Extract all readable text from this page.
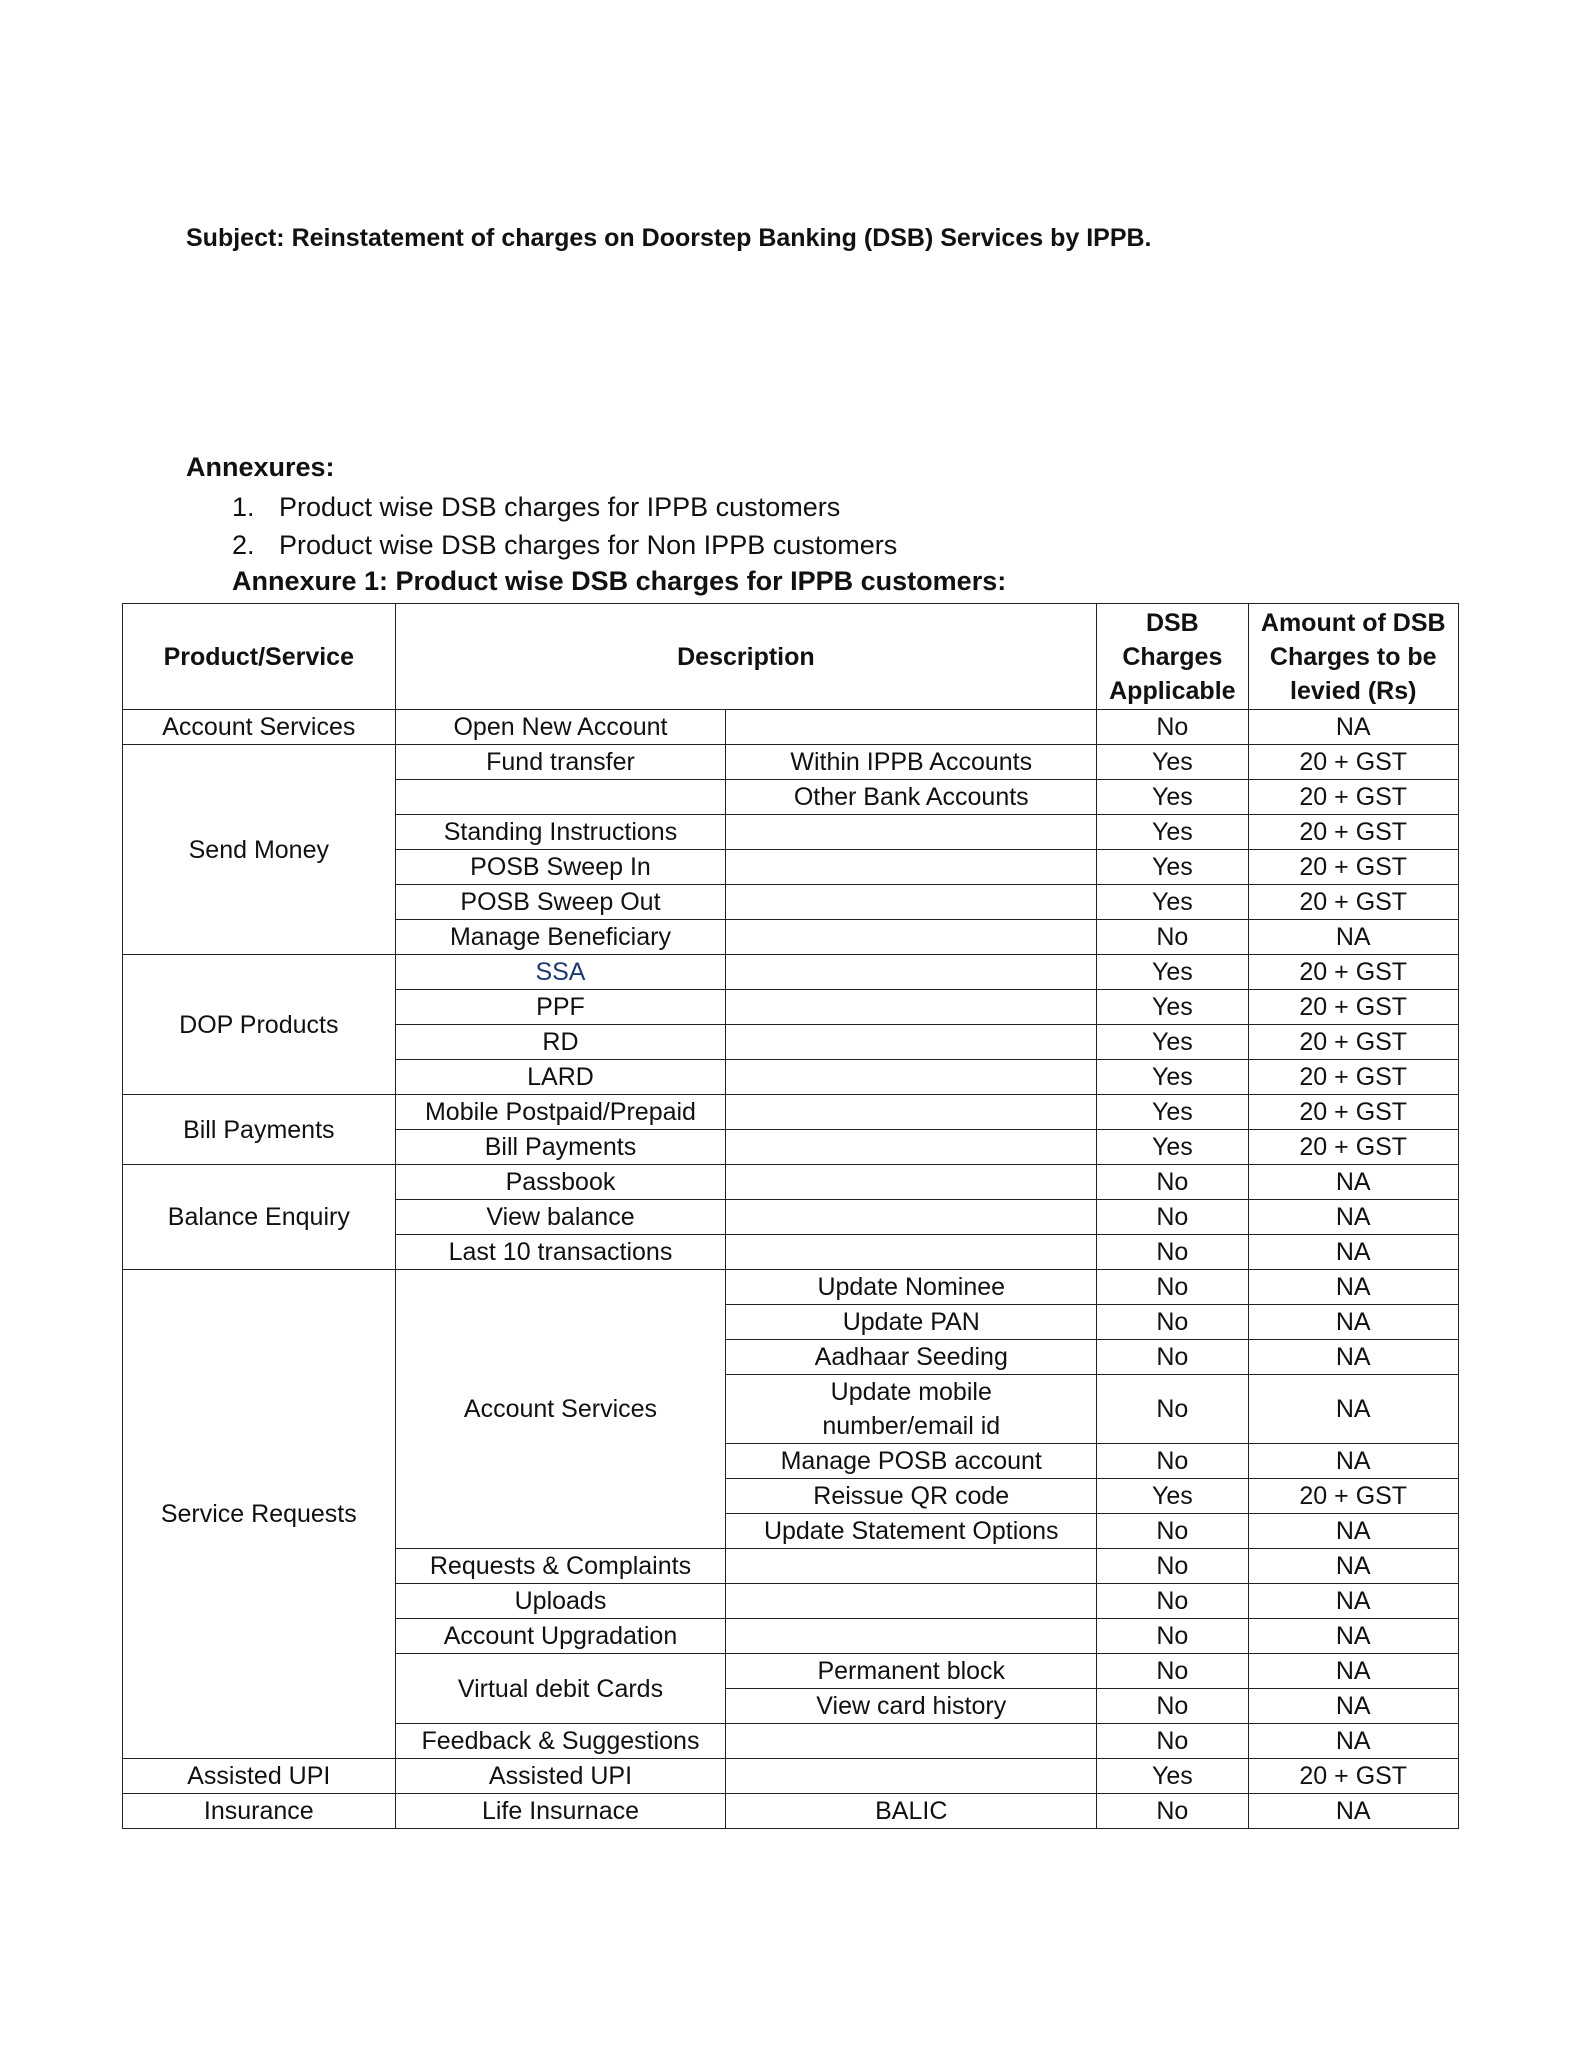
Subject: Reinstatement of charges on Doorstep Banking (DSB) Services by IPPB.

Annexures:

1. Product wise DSB charges for IPPB customers
2. Product wise DSB charges for Non IPPB customers

Annexure 1: Product wise DSB charges for IPPB customers:

Product/Service	Description		DSB Charges Applicable	Amount of DSB Charges to be levied (Rs)
Account Services	Open New Account		No	NA
Send Money	Fund transfer	Within IPPB Accounts	Yes	20 + GST
		Other Bank Accounts	Yes	20 + GST
	Standing Instructions		Yes	20 + GST
	POSB Sweep In		Yes	20 + GST
	POSB Sweep Out		Yes	20 + GST
	Manage Beneficiary		No	NA
DOP Products	SSA		Yes	20 + GST
	PPF		Yes	20 + GST
	RD		Yes	20 + GST
	LARD		Yes	20 + GST
Bill Payments	Mobile Postpaid/Prepaid		Yes	20 + GST
	Bill Payments		Yes	20 + GST
Balance Enquiry	Passbook		No	NA
	View balance		No	NA
	Last 10 transactions		No	NA
Service Requests	Account Services	Update Nominee	No	NA
		Update PAN	No	NA
		Aadhaar Seeding	No	NA
		Update mobile number/email id	No	NA
		Manage POSB account	No	NA
		Reissue QR code	Yes	20 + GST
		Update Statement Options	No	NA
	Requests & Complaints		No	NA
	Uploads		No	NA
	Account Upgradation		No	NA
	Virtual debit Cards	Permanent block	No	NA
		View card history	No	NA
	Feedback & Suggestions		No	NA
Assisted UPI	Assisted UPI		Yes	20 + GST
Insurance	Life Insurnace	BALIC	No	NA
